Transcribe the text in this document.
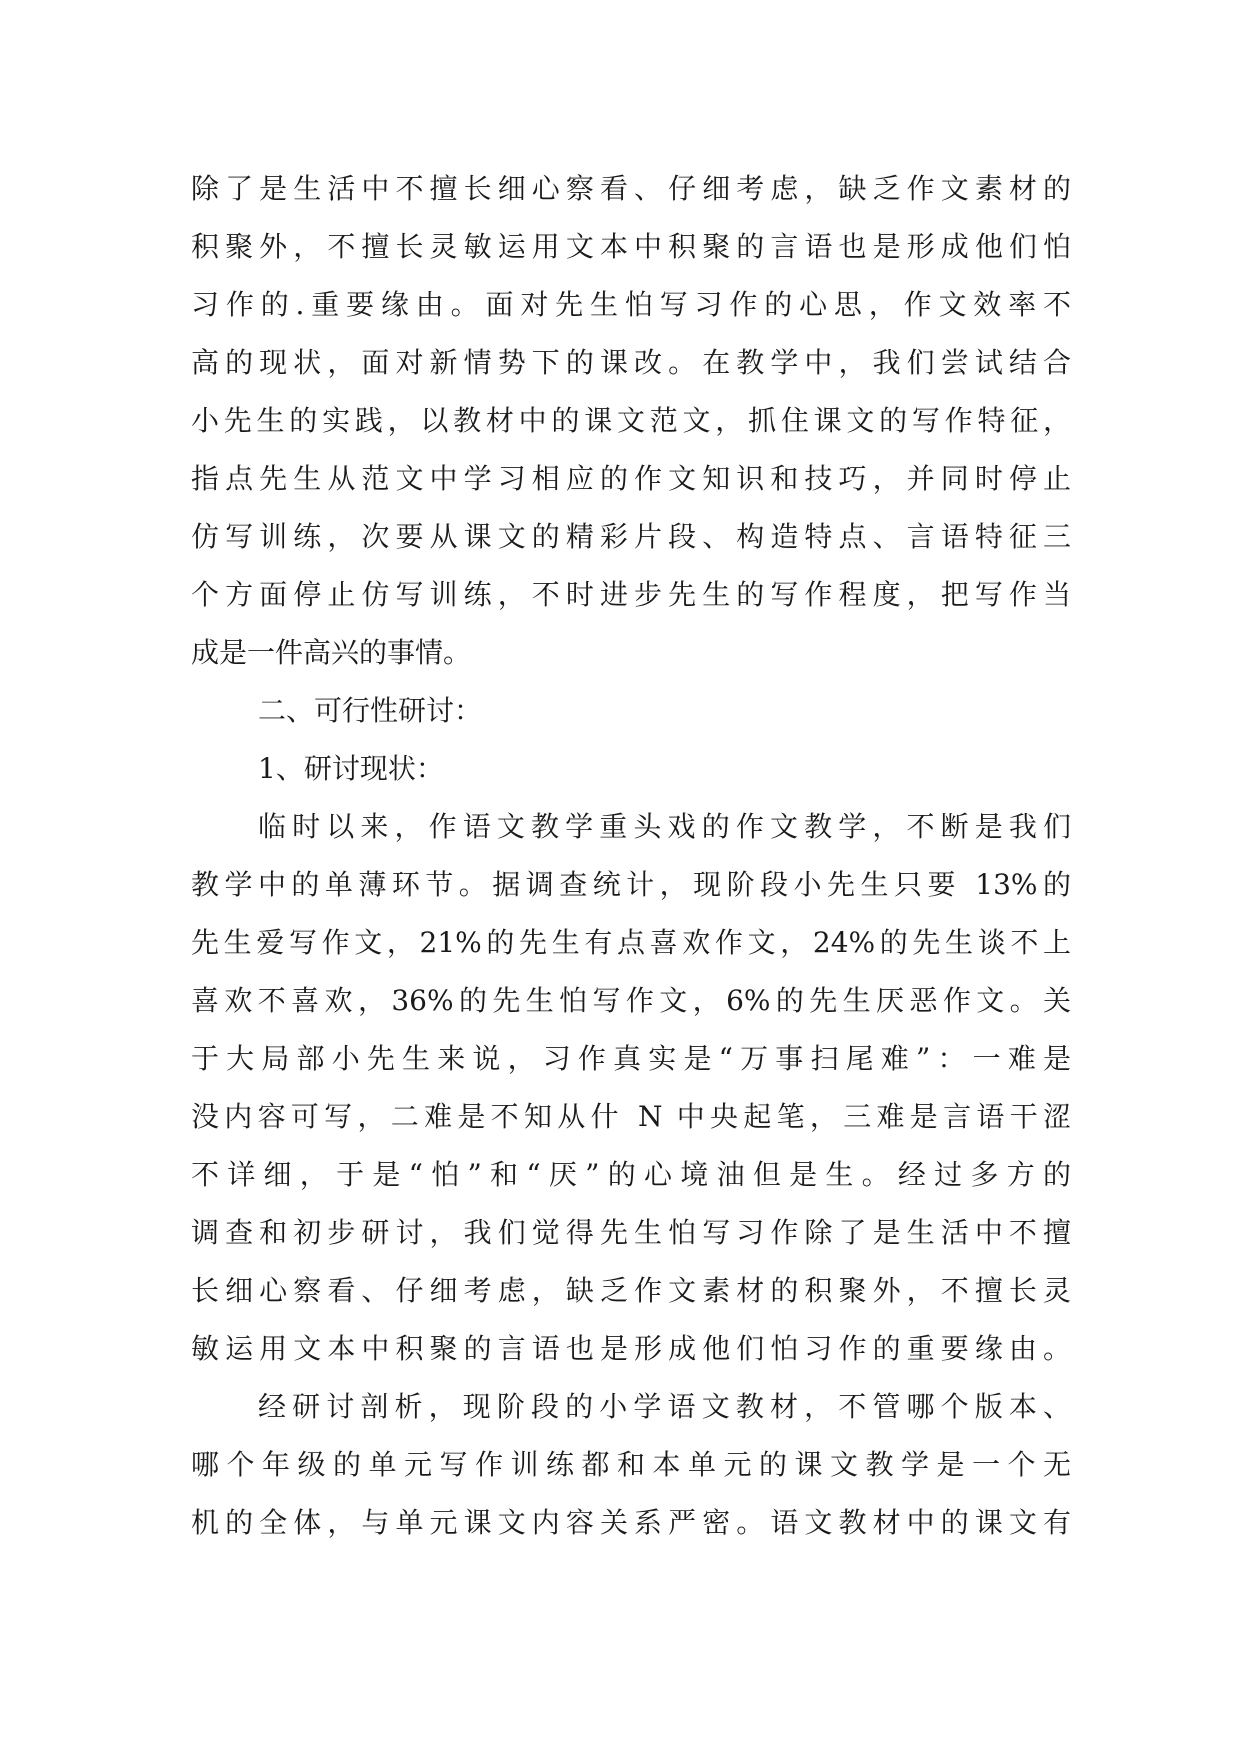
除了是生活中不擅长细心察看、仔细考虑，缺乏作文素材的
积聚外，不擅长灵敏运用文本中积聚的言语也是形成他们怕
习作的.重要缘由。面对先生怕写习作的心思，作文效率不
高的现状，面对新情势下的课改。在教学中，我们尝试结合
小先生的实践，以教材中的课文范文，抓住课文的写作特征，
指点先生从范文中学习相应的作文知识和技巧，并同时停止
仿写训练，次要从课文的精彩片段、构造特点、言语特征三
个方面停止仿写训练，不时进步先生的写作程度，把写作当
成是一件高兴的事情。
二、可行性研讨：
1、研讨现状：
临时以来，作语文教学重头戏的作文教学，不断是我们
教学中的单薄环节。据调查统计，现阶段小先生只要 13%的
先生爱写作文，21%的先生有点喜欢作文，24%的先生谈不上
喜欢不喜欢，36%的先生怕写作文，6%的先生厌恶作文。关
于大局部小先生来说，习作真实是“万事扫尾难”：一难是
没内容可写，二难是不知从什 N 中央起笔，三难是言语干涩
不详细，于是“怕”和“厌”的心境油但是生。经过多方的
调查和初步研讨，我们觉得先生怕写习作除了是生活中不擅
长细心察看、仔细考虑，缺乏作文素材的积聚外，不擅长灵
敏运用文本中积聚的言语也是形成他们怕习作的重要缘由。
经研讨剖析，现阶段的小学语文教材，不管哪个版本、
哪个年级的单元写作训练都和本单元的课文教学是一个无
机的全体，与单元课文内容关系严密。语文教材中的课文有
